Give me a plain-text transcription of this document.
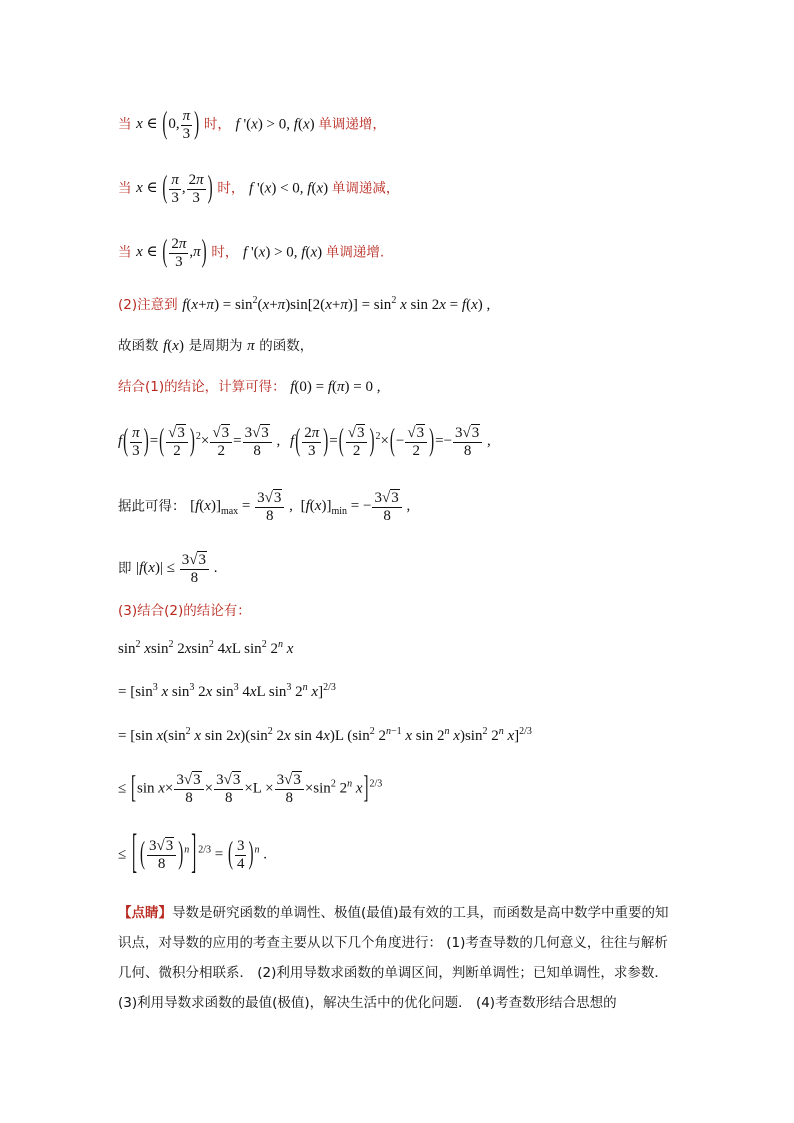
当 x ∈ (0, $\frac{\pi}{3}$ ) 时， f '(x) > 0, f(x) 单调递增，
当 x ∈ ( $\frac{\pi}{3}$ , $\frac{2\pi}{3}$ ) 时， f '(x) < 0, f(x) 单调递减，
当 x ∈ ( $\frac{2\pi}{3} ,\pi$) 时， f '(x) > 0, f(x) 单调递增.
(2)注意到 $f(x+\pi) = \sin^2(x+\pi)\sin[2(x+\pi)] = \sin^2 x$ sin 2x = f(x) ,
故函数 f(x) 是周期为 π 的函数，
结合(1)的结论，计算可得： f(0) = f(π) = 0 ,
$f( \frac{\pi}{3}$ )=( $\frac{√3}{2} )^2\times \frac{√3}{2} = \frac{3√3}{8}$ , $f( \frac{2\pi}{3}$ )=( $\frac{√3}{2} )^2\times(- \frac{√3}{2}$ )=− $\frac{3√3}{8}$ ,
据此可得： $[f(x)]_{max} = \frac{3√3}{8}$ , $[f(x)]_{min}$ = − $\frac{3√3}{8}$ ,
即 $|f(x)| \le \frac{3√3}{8}$ .
(3)结合(2)的结论有：
$\sin^2 xsin^2$ 2xsin$^2$ 4xL $\sin^2 2^n$ x
= [$\sin^3$ x $\sin^3 2x$ $\sin^3 4xL$ $\sin^3 2^n$ x]$^{2/3}$
= [sin $x(\sin^2$ x $\sin 2x)(\sin^2$ 2x sin 4x)L ($\sin^2$ $2^{n-1}$ x sin 2$^n$ $x)\sin^2$ 2$^n$ x]$^{2/3}$
≤ [sin $x\times \frac{3√3}{8} \times \frac{3√3}{8} \times L \times \frac{3√3}{8} \times\sin^2$ 2$^n$ x]$^{2/3}$
≤ [ ( $\frac{3√3}{8} )^n$ ] $^{2/3}$ = ( $\frac{3}{4} )^n$ .
【点睛】导数是研究函数的单调性、极值(最值)最有效的工具，而函数是高中数学中重要的知识点，对导数的应用的考查主要从以下几个角度进行： (1)考查导数的几何意义，往往与解析几何、微积分相联系． (2)利用导数求函数的单调区间，判断单调性；已知单调性，求参数． (3)利用导数求函数的最值(极值)，解决生活中的优化问题． (4)考查数形结合思想的
